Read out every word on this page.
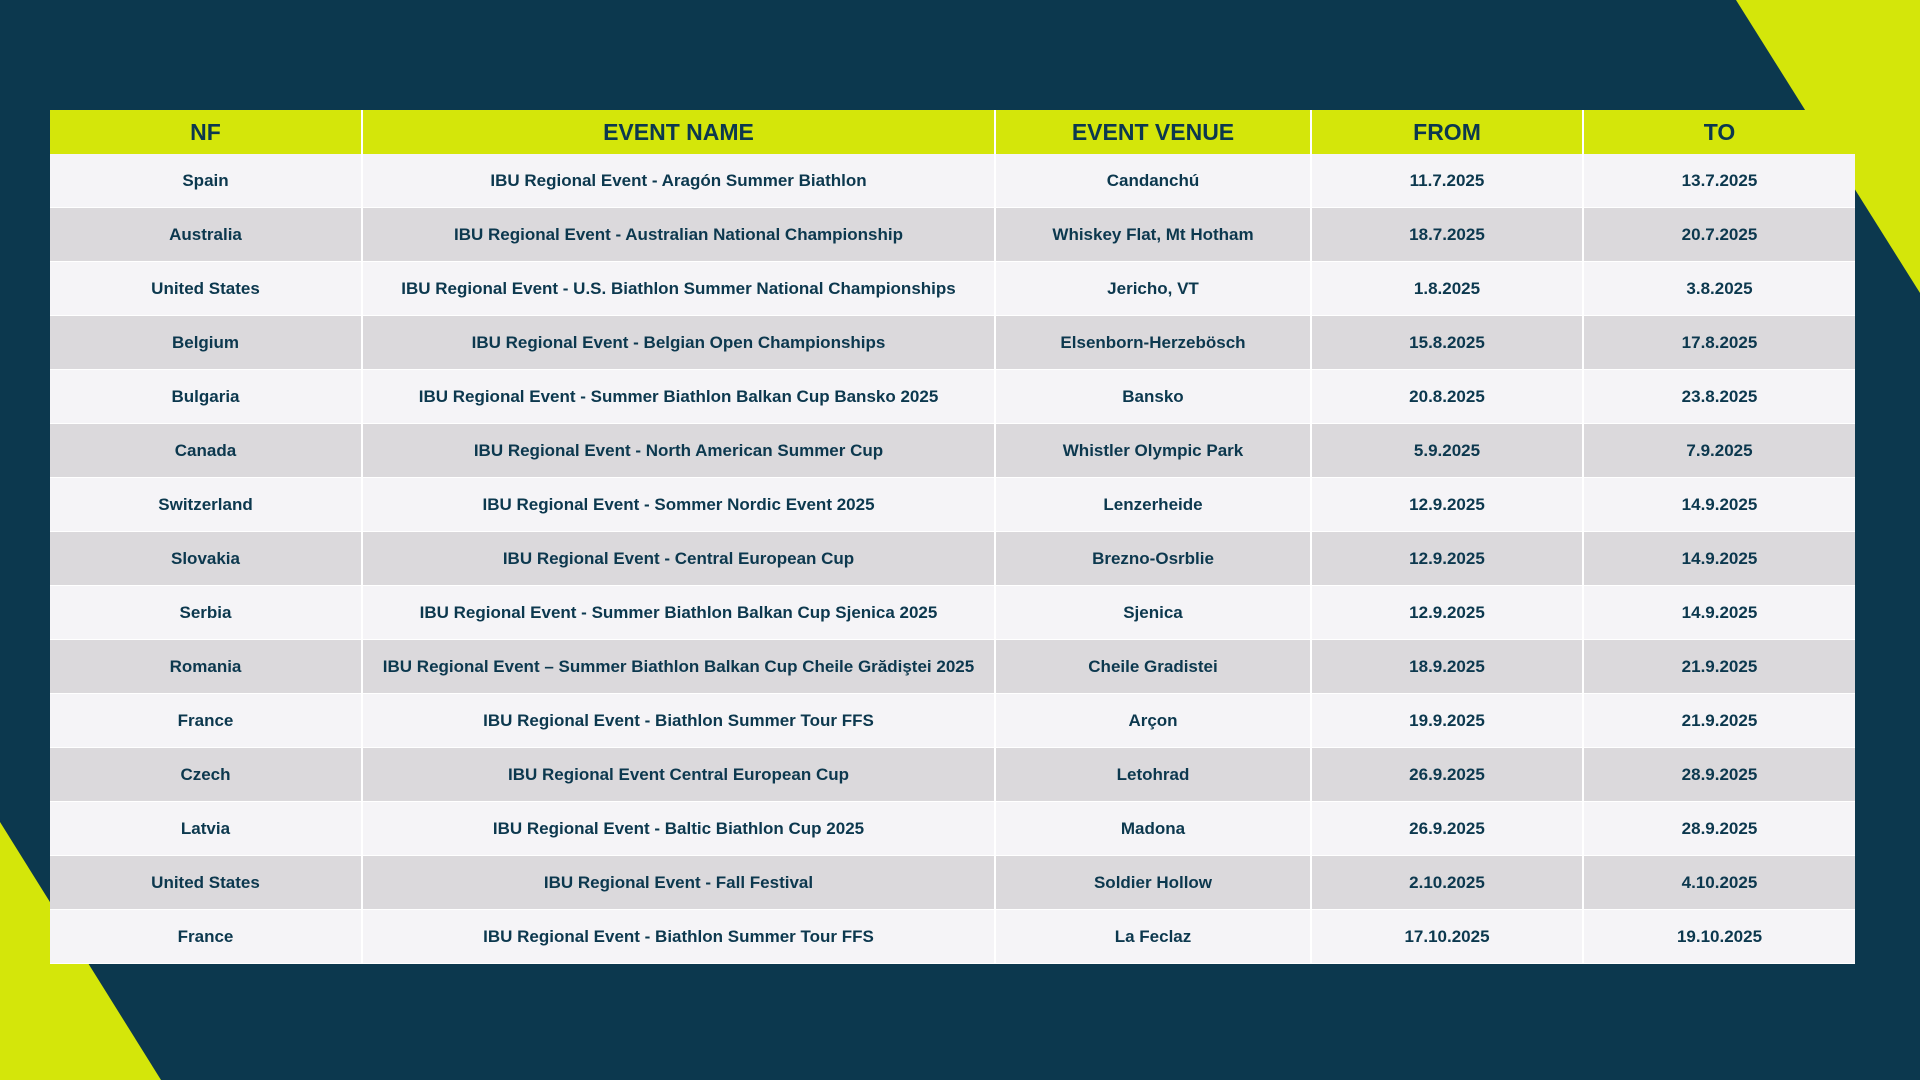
NF	EVENT NAME	EVENT VENUE	FROM	TO
Spain	IBU Regional Event - Aragón Summer Biathlon	Candanchú	11.7.2025	13.7.2025
Australia	IBU Regional Event - Australian National Championship	Whiskey Flat, Mt Hotham	18.7.2025	20.7.2025
United States	IBU Regional Event - U.S. Biathlon Summer National Championships	Jericho, VT	1.8.2025	3.8.2025
Belgium	IBU Regional Event - Belgian Open Championships	Elsenborn-Herzebösch	15.8.2025	17.8.2025
Bulgaria	IBU Regional Event - Summer Biathlon Balkan Cup Bansko 2025	Bansko	20.8.2025	23.8.2025
Canada	IBU Regional Event - North American Summer Cup	Whistler Olympic Park	5.9.2025	7.9.2025
Switzerland	IBU Regional Event - Sommer Nordic Event 2025	Lenzerheide	12.9.2025	14.9.2025
Slovakia	IBU Regional Event - Central European Cup	Brezno-Osrblie	12.9.2025	14.9.2025
Serbia	IBU Regional Event - Summer Biathlon Balkan Cup Sjenica 2025	Sjenica	12.9.2025	14.9.2025
Romania	IBU Regional Event – Summer Biathlon Balkan Cup Cheile Grădiştei 2025	Cheile Gradistei	18.9.2025	21.9.2025
France	IBU Regional Event - Biathlon Summer Tour FFS	Arçon	19.9.2025	21.9.2025
Czech	IBU Regional Event Central European Cup	Letohrad	26.9.2025	28.9.2025
Latvia	IBU Regional Event - Baltic Biathlon Cup 2025	Madona	26.9.2025	28.9.2025
United States	IBU Regional Event - Fall Festival	Soldier Hollow	2.10.2025	4.10.2025
France	IBU Regional Event - Biathlon Summer Tour FFS	La Feclaz	17.10.2025	19.10.2025
